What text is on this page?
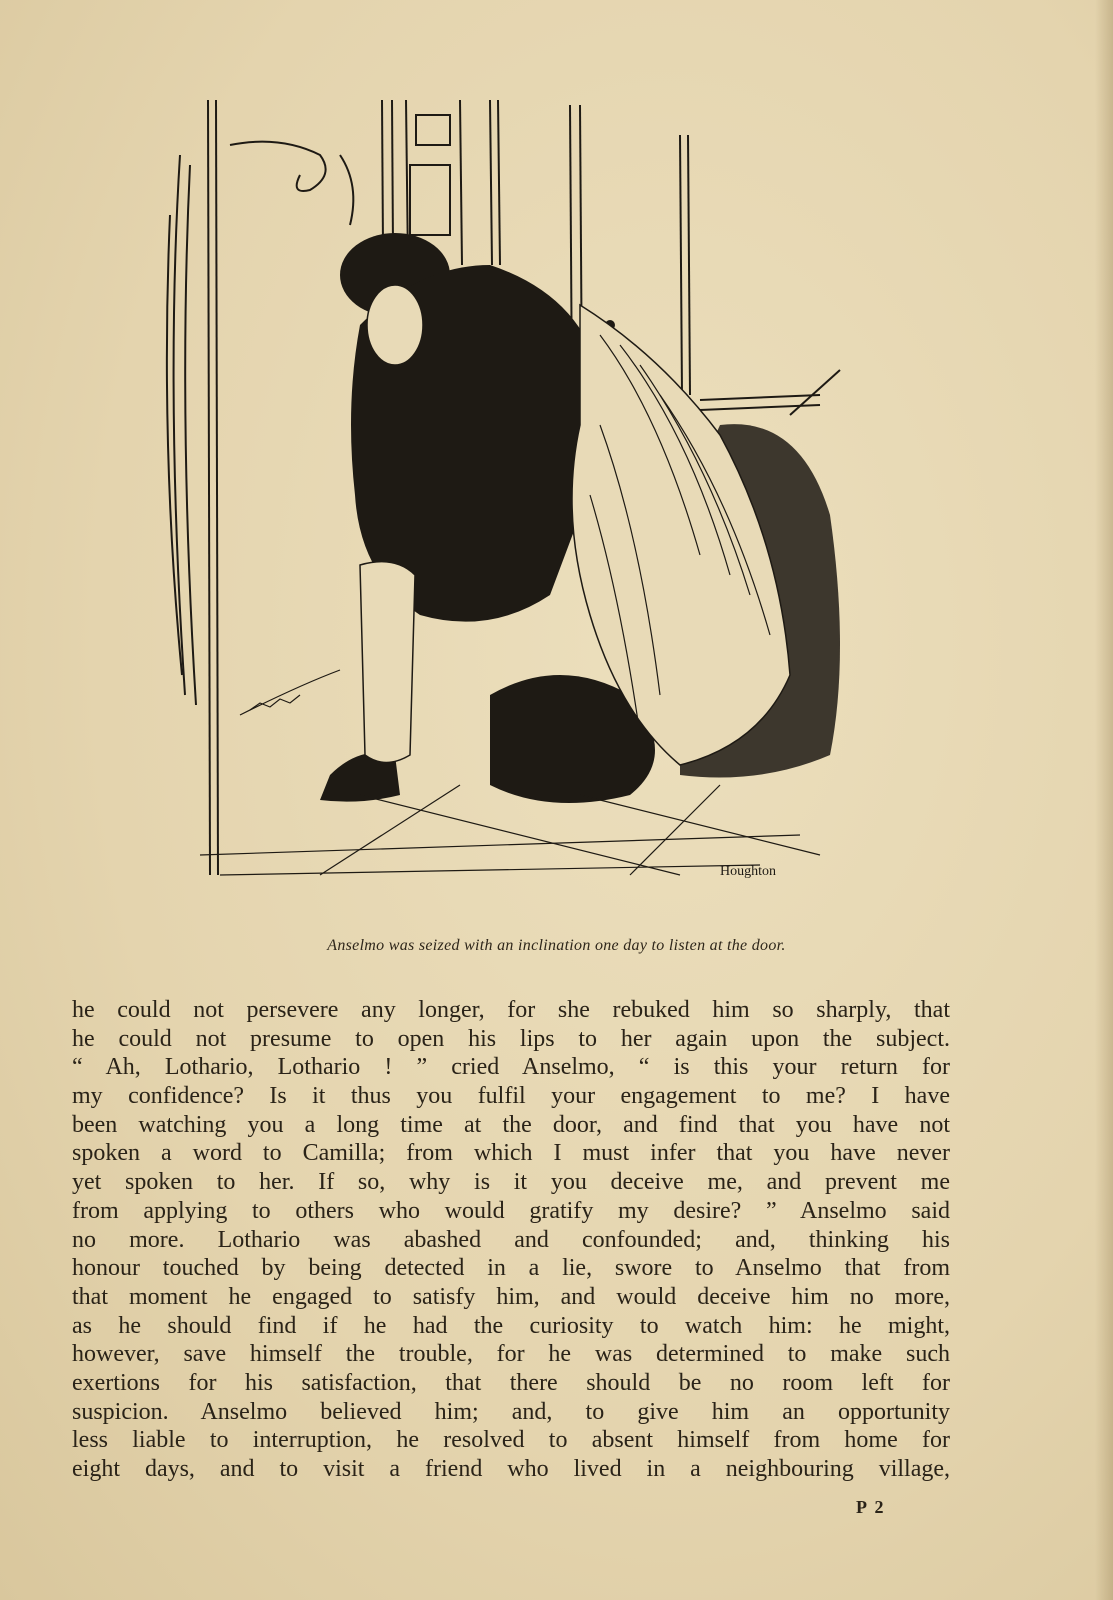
Houghton
Anselmo was seized with an inclination one day to listen at the door.
he could not persevere any longer, for she rebuked him so sharply, that
he could not presume to open his lips to her again upon the subject.
“ Ah, Lothario, Lothario ! ” cried Anselmo, “ is this your return for
my confidence? Is it thus you fulfil your engagement to me? I have
been watching you a long time at the door, and find that you have not
spoken a word to Camilla; from which I must infer that you have never
yet spoken to her. If so, why is it you deceive me, and prevent me
from applying to others who would gratify my desire? ” Anselmo said
no more. Lothario was abashed and confounded; and, thinking his
honour touched by being detected in a lie, swore to Anselmo that from
that moment he engaged to satisfy him, and would deceive him no more,
as he should find if he had the curiosity to watch him: he might,
however, save himself the trouble, for he was determined to make such
exertions for his satisfaction, that there should be no room left for
suspicion. Anselmo believed him; and, to give him an opportunity
less liable to interruption, he resolved to absent himself from home for
eight days, and to visit a friend who lived in a neighbouring village,
P 2
